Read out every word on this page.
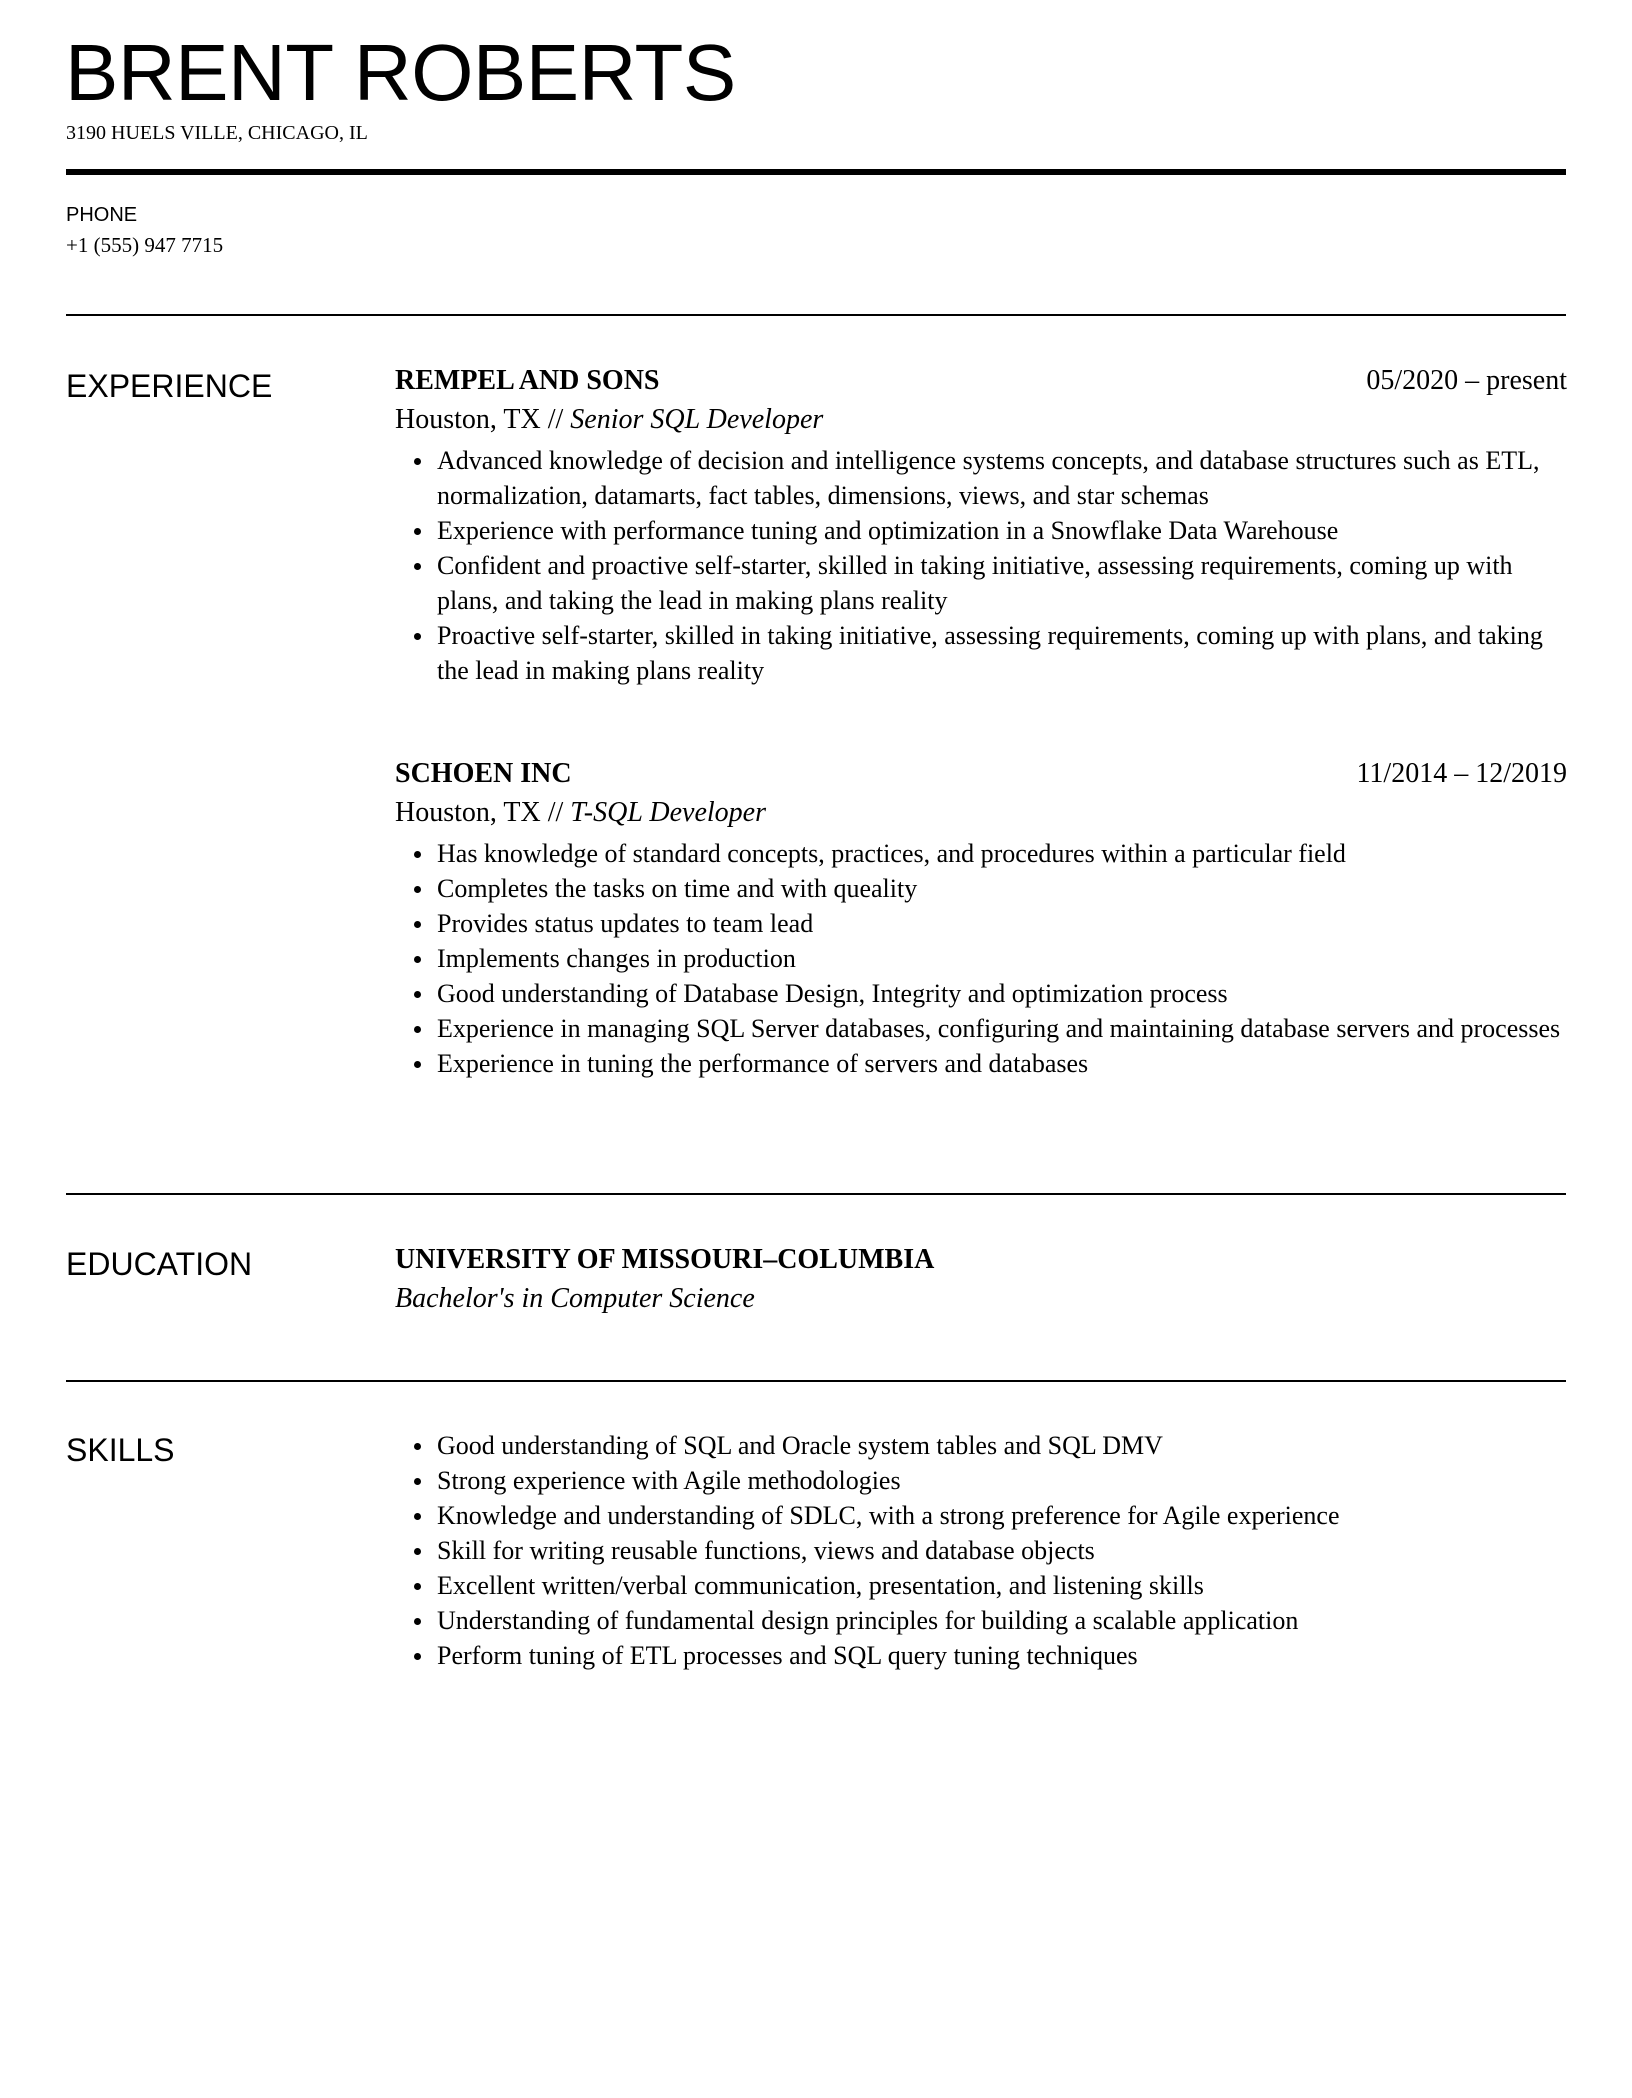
BRENT ROBERTS
3190 HUELS VILLE, CHICAGO, IL
PHONE
+1 (555) 947 7715
EXPERIENCE	REMPEL AND SONS	05/2020 – present
Houston, TX // Senior SQL Developer
Advanced knowledge of decision and intelligence systems concepts, and database structures such as ETL, normalization, datamarts, fact tables, dimensions, views, and star schemas
Experience with performance tuning and optimization in a Snowflake Data Warehouse
Confident and proactive self-starter, skilled in taking initiative, assessing requirements, coming up with plans, and taking the lead in making plans reality
Proactive self-starter, skilled in taking initiative, assessing requirements, coming up with plans, and taking the lead in making plans reality
SCHOEN INC	11/2014 – 12/2019
Houston, TX // T-SQL Developer
Has knowledge of standard concepts, practices, and procedures within a particular field
Completes the tasks on time and with queality
Provides status updates to team lead
Implements changes in production
Good understanding of Database Design, Integrity and optimization process
Experience in managing SQL Server databases, configuring and maintaining database servers and processes
Experience in tuning the performance of servers and databases
EDUCATION	UNIVERSITY OF MISSOURI–COLUMBIA
Bachelor's in Computer Science
SKILLS	Good understanding of SQL and Oracle system tables and SQL DMV
Strong experience with Agile methodologies
Knowledge and understanding of SDLC, with a strong preference for Agile experience
Skill for writing reusable functions, views and database objects
Excellent written/verbal communication, presentation, and listening skills
Understanding of fundamental design principles for building a scalable application
Perform tuning of ETL processes and SQL query tuning techniques
